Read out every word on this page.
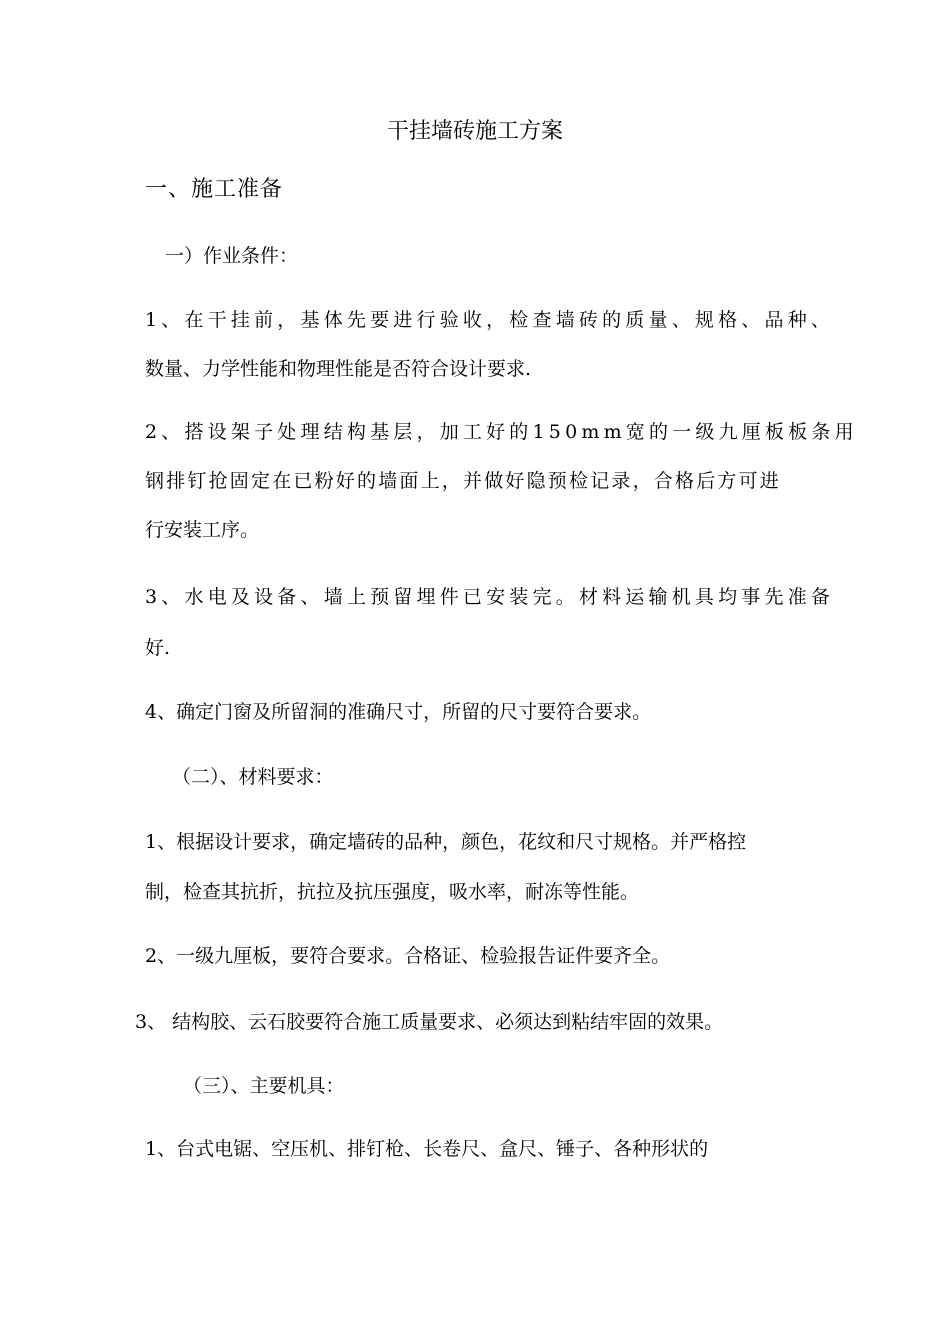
干挂墙砖施工方案
一、施工准备
一）作业条件：
1、在干挂前，基体先要进行验收，检查墙砖的质量、规格、品种、
数量、力学性能和物理性能是否符合设计要求.
2、搭设架子处理结构基层，加工好的150mm宽的一级九厘板板条用
钢排钉抢固定在已粉好的墙面上，并做好隐预检记录，合格后方可进
行安装工序。
3、水电及设备、墙上预留埋件已安装完。材料运输机具均事先准备
好.
4、确定门窗及所留洞的准确尺寸，所留的尺寸要符合要求。
（二）、材料要求：
1、根据设计要求，确定墙砖的品种，颜色，花纹和尺寸规格。并严格控
制，检查其抗折，抗拉及抗压强度，吸水率，耐冻等性能。
2、一级九厘板，要符合要求。合格证、检验报告证件要齐全。
3、 结构胶、云石胶要符合施工质量要求、必须达到粘结牢固的效果。
（三）、主要机具：
1、台式电锯、空压机、排钉枪、长卷尺、盒尺、锤子、各种形状的
